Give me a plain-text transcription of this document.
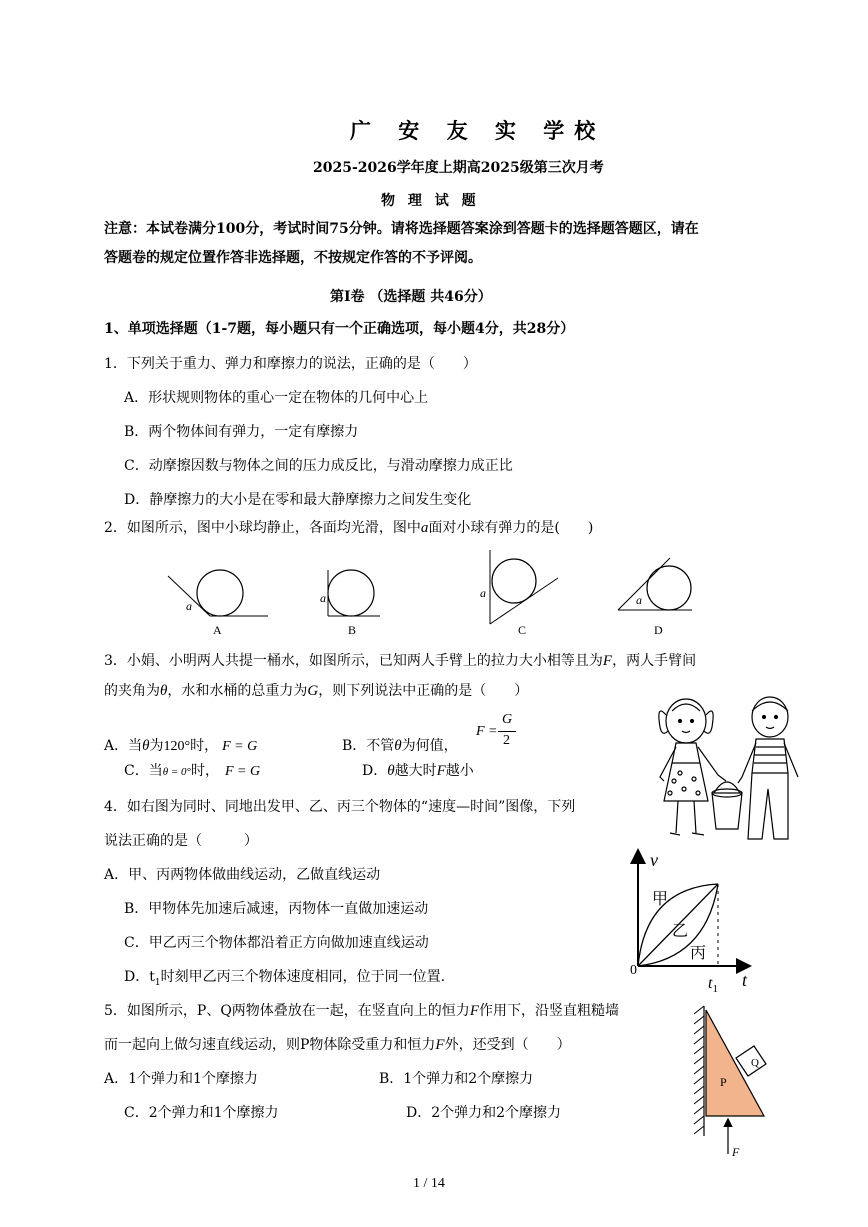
广 安 友 实 学校
2025-2026学年度上期高2025级第三次月考
物 理 试 题
注意：本试卷满分100分，考试时间75分钟。请将选择题答案涂到答题卡的选择题答题区，请在
答题卷的规定位置作答非选择题，不按规定作答的不予评阅。
第Ⅰ卷 （选择题 共46分）
1、单项选择题（1-7题，每小题只有一个正确选项，每小题4分，共28分）
1．下列关于重力、弹力和摩擦力的说法，正确的是（　　）
A．形状规则物体的重心一定在物体的几何中心上
B．两个物体间有弹力，一定有摩擦力
C．动摩擦因数与物体之间的压力成反比，与滑动摩擦力成正比
D．静摩擦力的大小是在零和最大静摩擦力之间发生变化
2．如图所示，图中小球均静止，各面均光滑，图中a面对小球有弹力的是(　　)
a
A
a
B
a
C
a
D
3．小娟、小明两人共提一桶水，如图所示，已知两人手臂上的拉力大小相等且为F，两人手臂间
的夹角为θ，水和水桶的总重力为G，则下列说法中正确的是（　　）
A．当θ为120°时， F = G	B．不管θ为何值，
F =
G
2
C．当θ = 0°时， F = G	D．θ越大时F越小
4．如右图为同时、同地出发甲、乙、丙三个物体的“速度—时间”图像，下列
说法正确的是（　　　）
A．甲、丙两物体做曲线运动，乙做直线运动
B．甲物体先加速后减速，丙物体一直做加速运动
C．甲乙丙三个物体都沿着正方向做加速直线运动
D．$t_1$时刻甲乙丙三个物体速度相同，位于同一位置.
v
t
0
$t_1$
甲
乙
丙
5．如图所示，P、Q两物体叠放在一起，在竖直向上的恒力F作用下，沿竖直粗糙墙
而一起向上做匀速直线运动，则P物体除受重力和恒力F外，还受到（　　）
A．1个弹力和1个摩擦力	B．1个弹力和2个摩擦力
C．2个弹力和1个摩擦力	D．2个弹力和2个摩擦力
P
Q
F
1 / 14
